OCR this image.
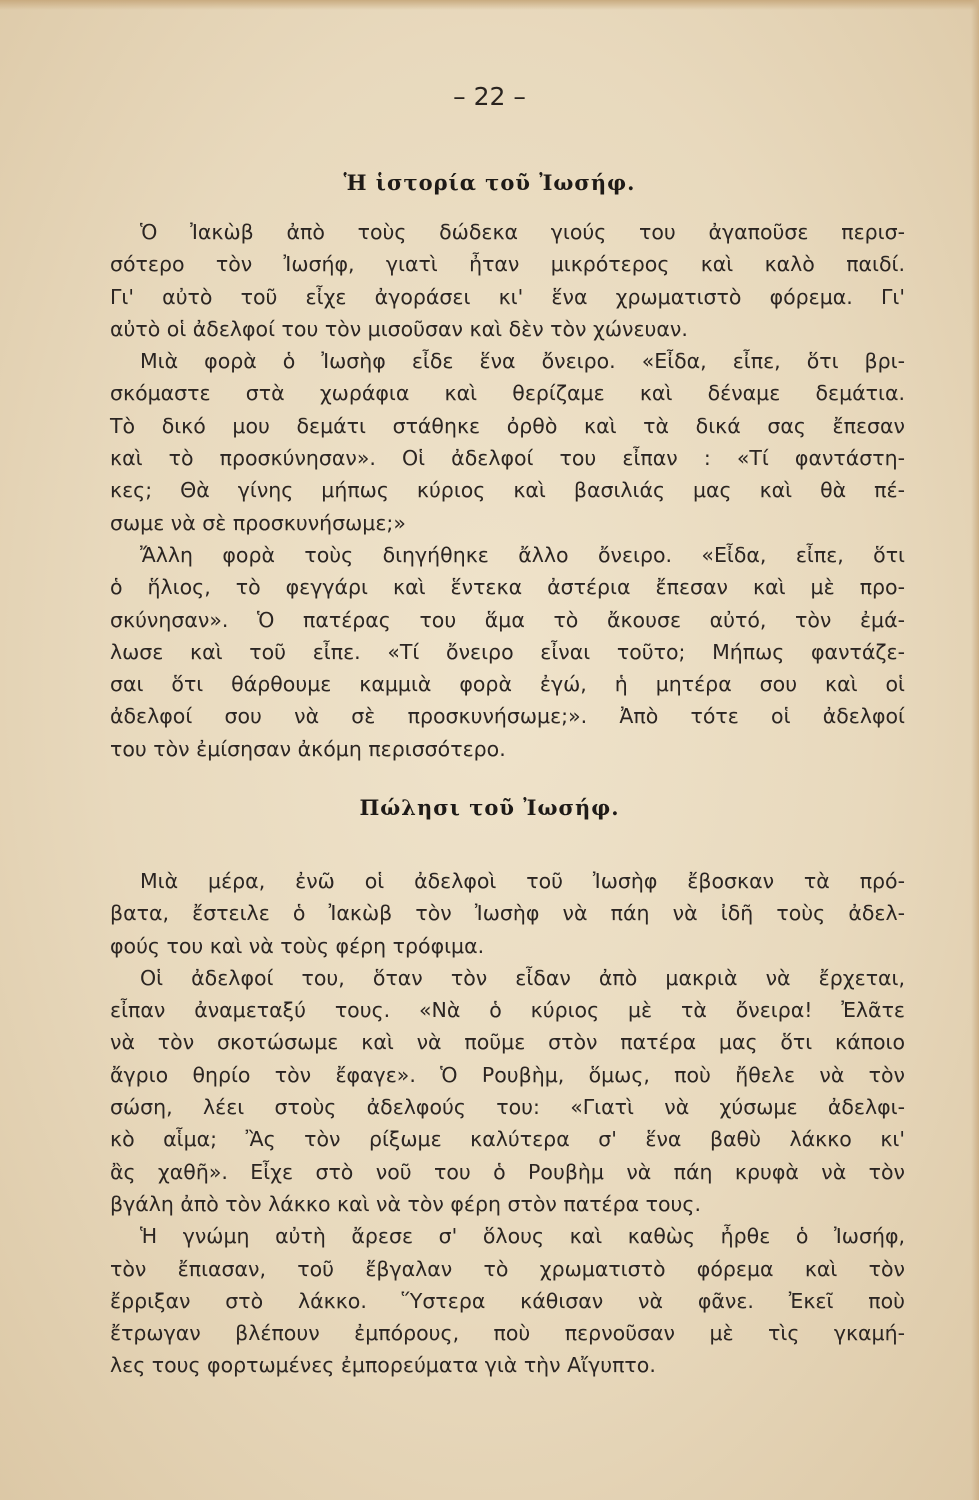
– 22 –
Ἡ ἱστορία τοῦ Ἰωσήφ.
Ὁ Ἰακὼβ ἀπὸ τοὺς δώδεκα γιούς του ἀγαποῦσε περισ-
σότερο τὸν Ἰωσήφ, γιατὶ ἦταν μικρότερος καὶ καλὸ παιδί.
Γι' αὐτὸ τοῦ εἶχε ἀγοράσει κι' ἕνα χρωματιστὸ φόρεμα. Γι'
αὐτὸ οἱ ἀδελφοί του τὸν μισοῦσαν καὶ δὲν τὸν χώνευαν.
Μιὰ φορὰ ὁ Ἰωσὴφ εἶδε ἕνα ὄνειρο. «Εἶδα, εἶπε, ὅτι βρι-
σκόμαστε στὰ χωράφια καὶ θερίζαμε καὶ δέναμε δεμάτια.
Τὸ δικό μου δεμάτι στάθηκε ὀρθὸ καὶ τὰ δικά σας ἔπεσαν
καὶ τὸ προσκύνησαν». Οἱ ἀδελφοί του εἶπαν : «Τί φαντάστη-
κες; Θὰ γίνης μήπως κύριος καὶ βασιλιάς μας καὶ θὰ πέ-
σωμε νὰ σὲ προσκυνήσωμε;»
Ἄλλη φορὰ τοὺς διηγήθηκε ἄλλο ὄνειρο. «Εἶδα, εἶπε, ὅτι
ὁ ἥλιος, τὸ φεγγάρι καὶ ἕντεκα ἀστέρια ἔπεσαν καὶ μὲ προ-
σκύνησαν». Ὁ πατέρας του ἅμα τὸ ἄκουσε αὐτό, τὸν ἐμά-
λωσε καὶ τοῦ εἶπε. «Τί ὄνειρο εἶναι τοῦτο; Μήπως φαντάζε-
σαι ὅτι θάρθουμε καμμιὰ φορὰ ἐγώ, ἡ μητέρα σου καὶ οἱ
ἀδελφοί σου νὰ σὲ προσκυνήσωμε;». Ἀπὸ τότε οἱ ἀδελφοί
του τὸν ἐμίσησαν ἀκόμη περισσότερο.
Πώλησι τοῦ Ἰωσήφ.
Μιὰ μέρα, ἐνῶ οἱ ἀδελφοὶ τοῦ Ἰωσὴφ ἔβοσκαν τὰ πρό-
βατα, ἔστειλε ὁ Ἰακὼβ τὸν Ἰωσὴφ νὰ πάη νὰ ἰδῆ τοὺς ἀδελ-
φούς του καὶ νὰ τοὺς φέρη τρόφιμα.
Οἱ ἀδελφοί του, ὅταν τὸν εἶδαν ἀπὸ μακριὰ νὰ ἔρχεται,
εἶπαν ἀναμεταξύ τους. «Νὰ ὁ κύριος μὲ τὰ ὄνειρα! Ἐλᾶτε
νὰ τὸν σκοτώσωμε καὶ νὰ ποῦμε στὸν πατέρα μας ὅτι κάποιο
ἄγριο θηρίο τὸν ἔφαγε». Ὁ Ρουβὴμ, ὅμως, ποὺ ἤθελε νὰ τὸν
σώση, λέει στοὺς ἀδελφούς του: «Γιατὶ νὰ χύσωμε ἀδελφι-
κὸ αἷμα; Ἂς τὸν ρίξωμε καλύτερα σ' ἕνα βαθὺ λάκκο κι'
ἂς χαθῆ». Εἶχε στὸ νοῦ του ὁ Ρουβὴμ νὰ πάη κρυφὰ νὰ τὸν
βγάλη ἀπὸ τὸν λάκκο καὶ νὰ τὸν φέρη στὸν πατέρα τους.
Ἡ γνώμη αὐτὴ ἄρεσε σ' ὅλους καὶ καθὼς ἦρθε ὁ Ἰωσήφ,
τὸν ἔπιασαν, τοῦ ἔβγαλαν τὸ χρωματιστὸ φόρεμα καὶ τὸν
ἔρριξαν στὸ λάκκο. Ὕστερα κάθισαν νὰ φᾶνε. Ἐκεῖ ποὺ
ἔτρωγαν βλέπουν ἐμπόρους, ποὺ περνοῦσαν μὲ τὶς γκαμή-
λες τους φορτωμένες ἐμπορεύματα γιὰ τὴν Αἴγυπτο.
